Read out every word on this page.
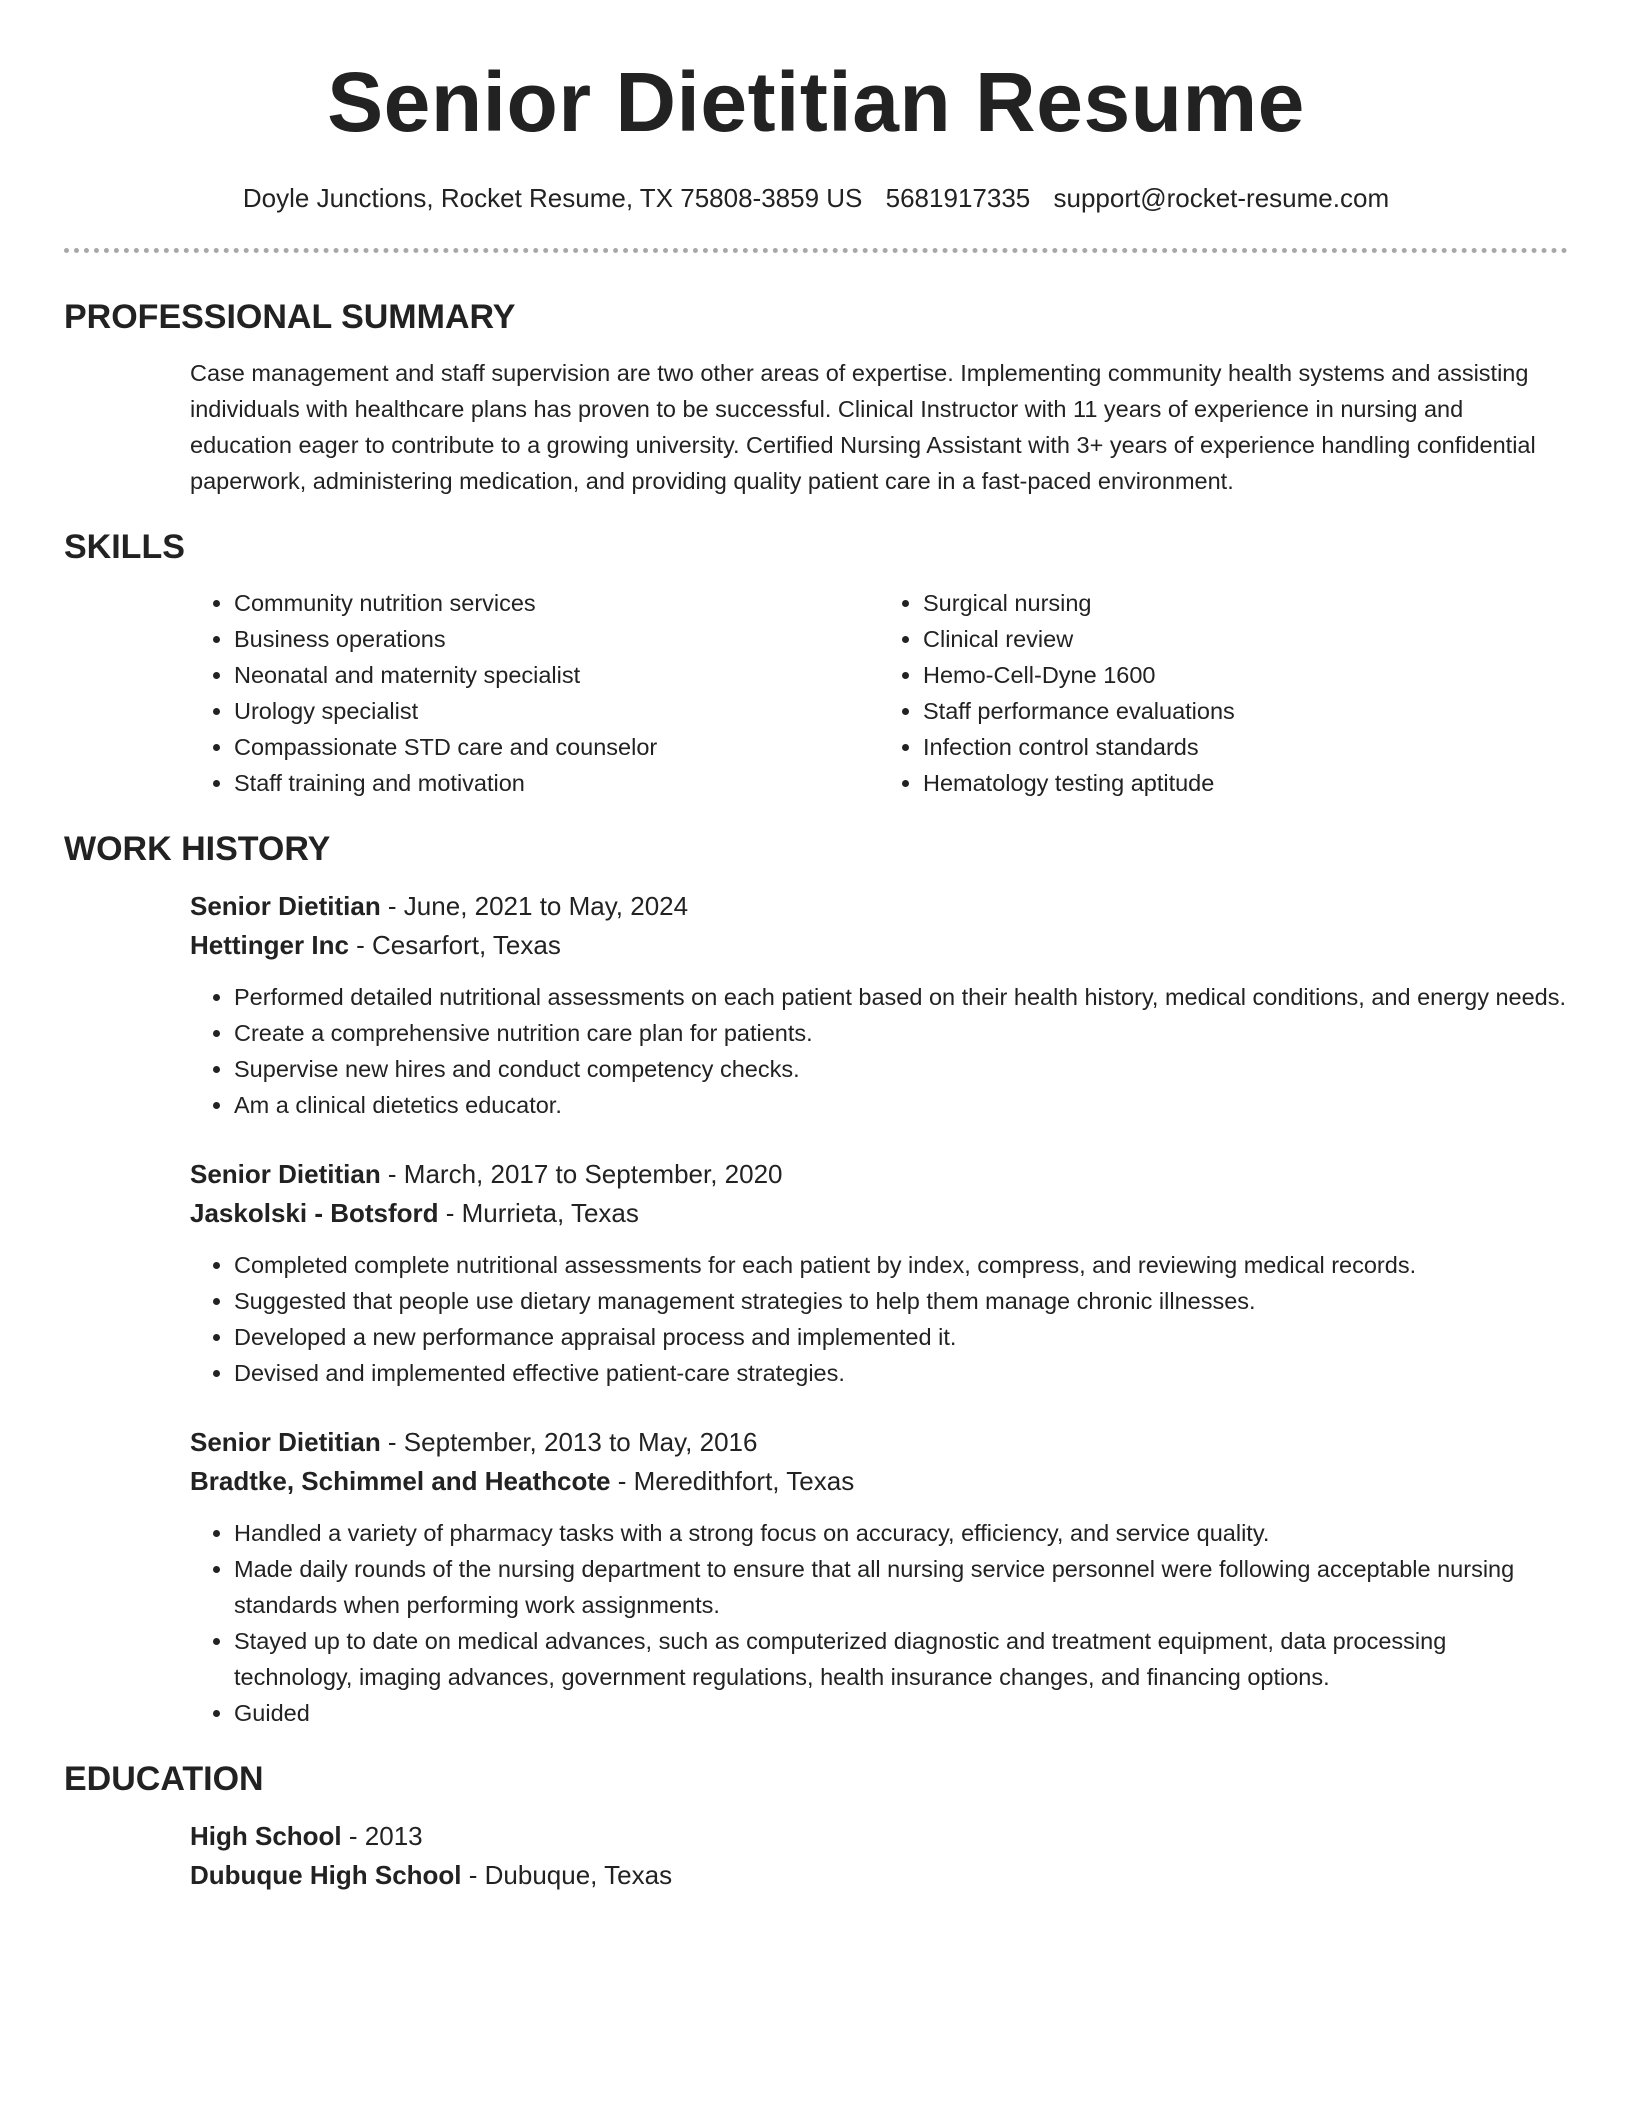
Senior Dietitian Resume
Doyle Junctions, Rocket Resume, TX 75808-3859 US 5681917335 support@rocket-resume.com
PROFESSIONAL SUMMARY

Case management and staff supervision are two other areas of expertise. Implementing community health systems and assisting individuals with healthcare plans has proven to be successful. Clinical Instructor with 11 years of experience in nursing and education eager to contribute to a growing university. Certified Nursing Assistant with 3+ years of experience handling confidential paperwork, administering medication, and providing quality patient care in a fast-paced environment.

SKILLS
• Community nutrition services
• Business operations
• Neonatal and maternity specialist
• Urology specialist
• Compassionate STD care and counselor
• Staff training and motivation
• Surgical nursing
• Clinical review
• Hemo-Cell-Dyne 1600
• Staff performance evaluations
• Infection control standards
• Hematology testing aptitude
WORK HISTORY
Senior Dietitian - June, 2021 to May, 2024
Hettinger Inc - Cesarfort, Texas
• Performed detailed nutritional assessments on each patient based on their health history, medical conditions, and energy needs.
• Create a comprehensive nutrition care plan for patients.
• Supervise new hires and conduct competency checks.
• Am a clinical dietetics educator.
Senior Dietitian - March, 2017 to September, 2020
Jaskolski - Botsford - Murrieta, Texas
• Completed complete nutritional assessments for each patient by index, compress, and reviewing medical records.
• Suggested that people use dietary management strategies to help them manage chronic illnesses.
• Developed a new performance appraisal process and implemented it.
• Devised and implemented effective patient-care strategies.
Senior Dietitian - September, 2013 to May, 2016
Bradtke, Schimmel and Heathcote - Meredithfort, Texas
• Handled a variety of pharmacy tasks with a strong focus on accuracy, efficiency, and service quality.
• Made daily rounds of the nursing department to ensure that all nursing service personnel were following acceptable nursing standards when performing work assignments.
• Stayed up to date on medical advances, such as computerized diagnostic and treatment equipment, data processing technology, imaging advances, government regulations, health insurance changes, and financing options.
• Guided
EDUCATION
High School - 2013
Dubuque High School - Dubuque, Texas
